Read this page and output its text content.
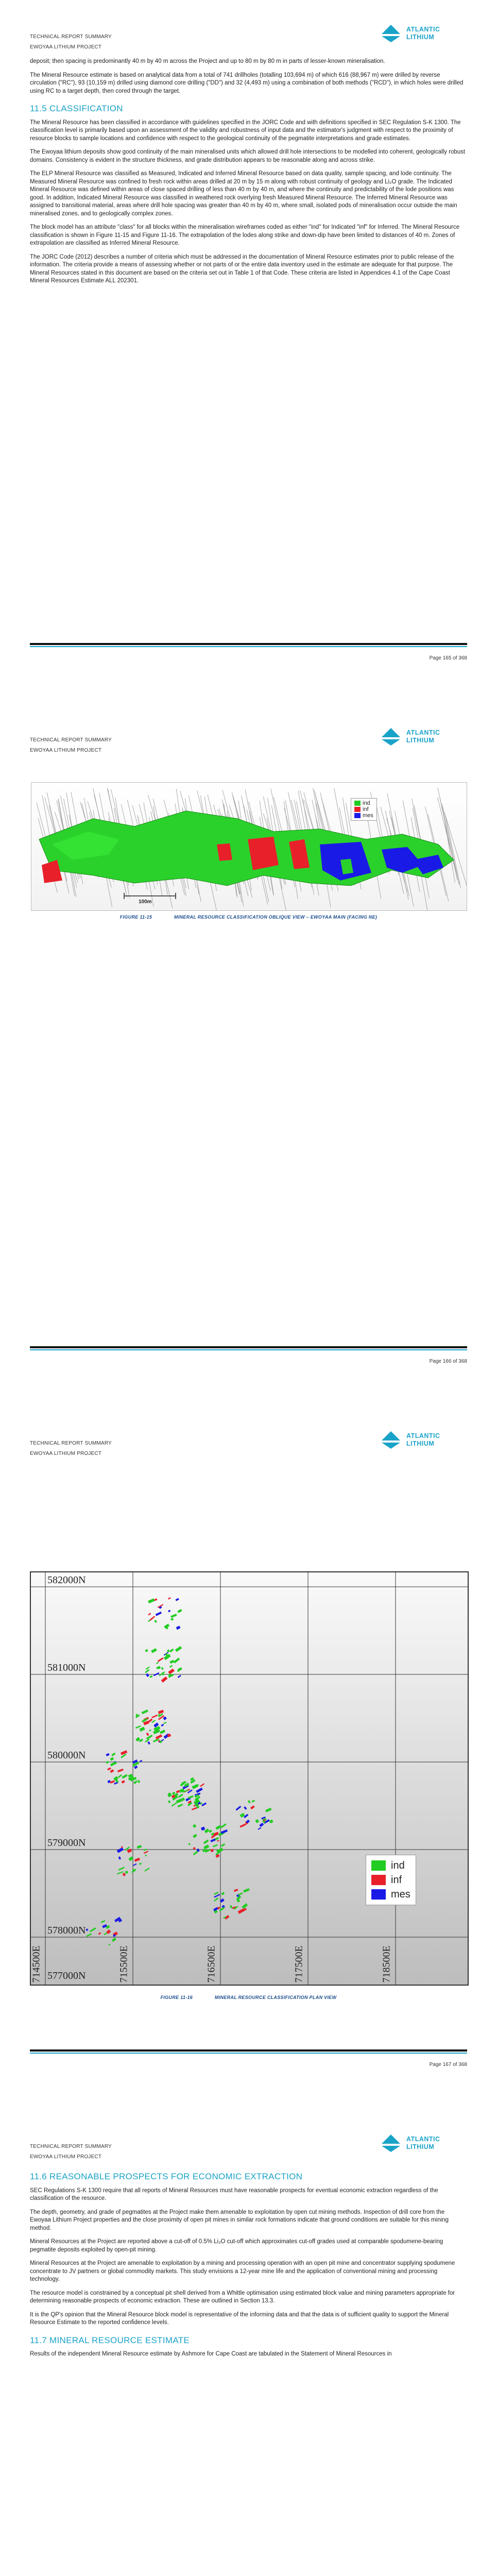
TECHNICAL REPORT SUMMARY
EWOYAA LITHIUM PROJECT
ATLANTIC
LITHIUM

deposit; then spacing is predominantly 40 m by 40 m across the Project and up to 80 m by 80 m in parts of lesser-known mineralisation.

The Mineral Resource estimate is based on analytical data from a total of 741 drillholes (totalling 103,694 m) of which 616 (88,967 m) were drilled by reverse circulation ("RC"), 93 (10,159 m) drilled using diamond core drilling ("DD") and 32 (4,493 m) using a combination of both methods ("RCD"), in which holes were drilled using RC to a target depth, then cored through the target.

11.5 CLASSIFICATION

The Mineral Resource has been classified in accordance with guidelines specified in the JORC Code and with definitions specified in SEC Regulation S-K 1300. The classification level is primarily based upon an assessment of the validity and robustness of input data and the estimator's judgment with respect to the proximity of resource blocks to sample locations and confidence with respect to the geological continuity of the pegmatite interpretations and grade estimates.

The Ewoyaa lithium deposits show good continuity of the main mineralised units which allowed drill hole intersections to be modelled into coherent, geologically robust domains. Consistency is evident in the structure thickness, and grade distribution appears to be reasonable along and across strike.

The ELP Mineral Resource was classified as Measured, Indicated and Inferred Mineral Resource based on data quality, sample spacing, and lode continuity. The Measured Mineral Resource was confined to fresh rock within areas drilled at 20 m by 15 m along with robust continuity of geology and Li₂O grade. The Indicated Mineral Resource was defined within areas of close spaced drilling of less than 40 m by 40 m, and where the continuity and predictability of the lode positions was good. In addition, Indicated Mineral Resource was classified in weathered rock overlying fresh Measured Mineral Resource. The Inferred Mineral Resource was assigned to transitional material, areas where drill hole spacing was greater than 40 m by 40 m, where small, isolated pods of mineralisation occur outside the main mineralised zones, and to geologically complex zones.

The block model has an attribute "class" for all blocks within the mineralisation wireframes coded as either "ind" for Indicated "inf" for Inferred. The Mineral Resource classification is shown in Figure 11-15 and Figure 11-16. The extrapolation of the lodes along strike and down-dip have been limited to distances of 40 m. Zones of extrapolation are classified as Inferred Mineral Resource.

The JORC Code (2012) describes a number of criteria which must be addressed in the documentation of Mineral Resource estimates prior to public release of the information. The criteria provide a means of assessing whether or not parts of or the entire data inventory used in the estimate are adequate for that purpose. The Mineral Resources stated in this document are based on the criteria set out in Table 1 of that Code. These criteria are listed in Appendices 4.1 of the Cape Coast Mineral Resources Estimate ALL 202301.

Page 165 of 368
TECHNICAL REPORT SUMMARY
EWOYAA LITHIUM PROJECT
ATLANTIC
LITHIUM
Page 166 of 368
FIGURE 11-15	MINERAL RESOURCE CLASSIFICATION OBLIQUE VIEW – EWOYAA MAIN (FACING NE)
100m
ind
inf
mes
TECHNICAL REPORT SUMMARY
EWOYAA LITHIUM PROJECT
ATLANTIC
LITHIUM
FIGURE 11-16	MINERAL RESOURCE CLASSIFICATION PLAN VIEW
Page 167 of 368
582000N
581000N
580000N
579000N
578000N
577000N
714500E	715500E	716500E	717500E	718500E
ind
inf
mes
TECHNICAL REPORT SUMMARY
EWOYAA LITHIUM PROJECT
ATLANTIC
LITHIUM
11.6 REASONABLE PROSPECTS FOR ECONOMIC EXTRACTION

SEC Regulations S-K 1300 require that all reports of Mineral Resources must have reasonable prospects for eventual economic extraction regardless of the classification of the resource.

The depth, geometry, and grade of pegmatites at the Project make them amenable to exploitation by open cut mining methods. Inspection of drill core from the Ewoyaa Lithium Project properties and the close proximity of open pit mines in similar rock formations indicate that ground conditions are suitable for this mining method.

Mineral Resources at the Project are reported above a cut-off of 0.5% Li₂O cut-off which approximates cut-off grades used at comparable spodumene-bearing pegmatite deposits exploited by open-pit mining.

Mineral Resources at the Project are amenable to exploitation by a mining and processing operation with an open pit mine and concentrator supplying spodumene concentrate to JV partners or global commodity markets. This study envisions a 12-year mine life and the application of conventional mining and processing technology.

The resource model is constrained by a conceptual pit shell derived from a Whittle optimisation using estimated block value and mining parameters appropriate for determining reasonable prospects of economic extraction. These are outlined in Section 13.3.

It is the QP's opinion that the Mineral Resource block model is representative of the informing data and that the data is of sufficient quality to support the Mineral Resource Estimate to the reported confidence levels.

11.7 MINERAL RESOURCE ESTIMATE

Results of the independent Mineral Resource estimate by Ashmore for Cape Coast are tabulated in the Statement of Mineral Resources in
